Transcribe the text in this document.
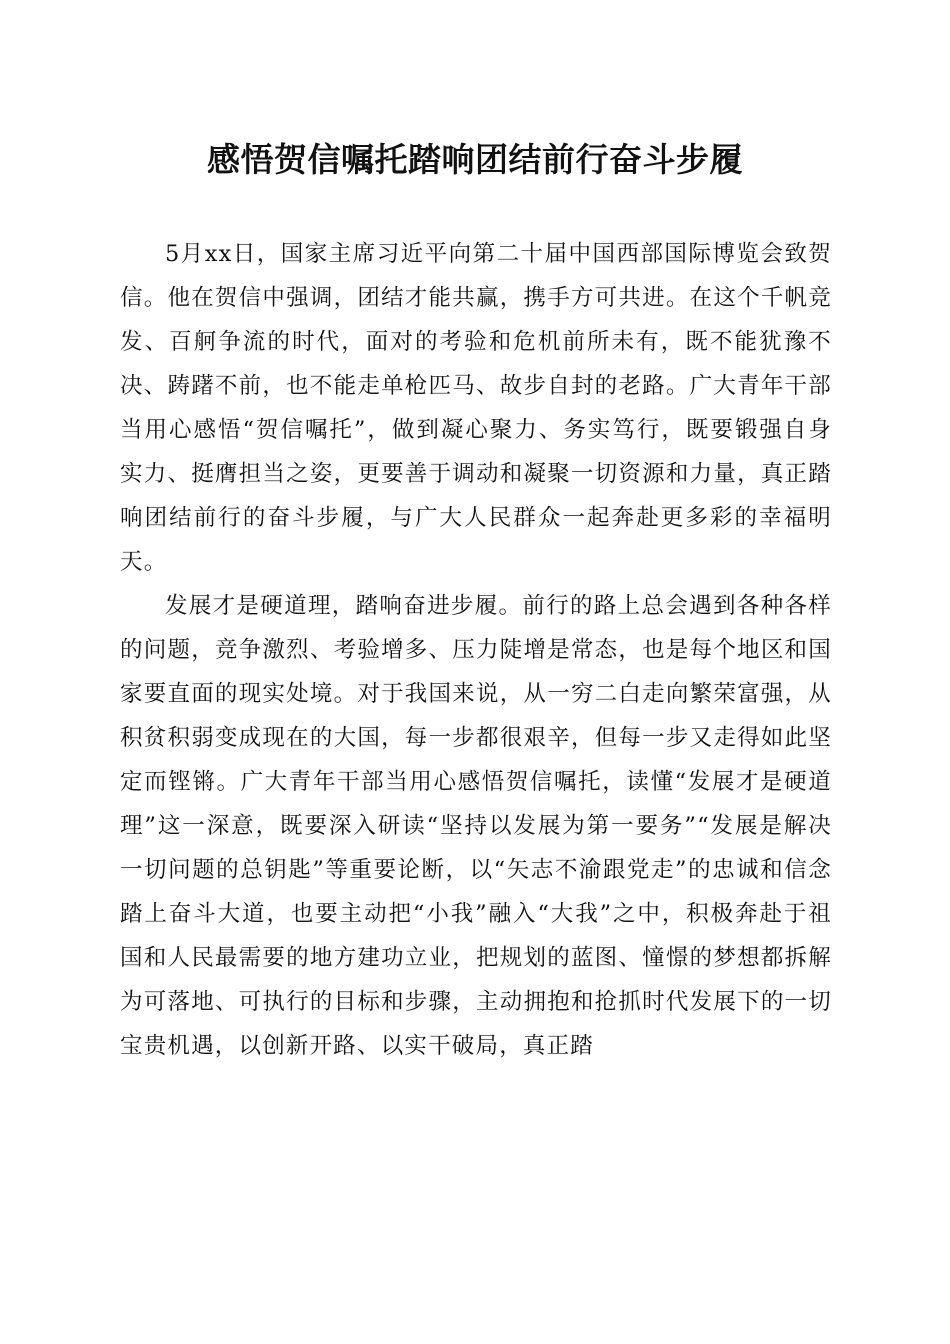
感悟贺信嘱托踏响团结前行奋斗步履

5月xx日，国家主席习近平向第二十届中国西部国际博览会致贺信。他在贺信中强调，团结才能共赢，携手方可共进。在这个千帆竞发、百舸争流的时代，面对的考验和危机前所未有，既不能犹豫不决、踌躇不前，也不能走单枪匹马、故步自封的老路。广大青年干部当用心感悟“贺信嘱托”，做到凝心聚力、务实笃行，既要锻强自身实力、挺膺担当之姿，更要善于调动和凝聚一切资源和力量，真正踏响团结前行的奋斗步履，与广大人民群众一起奔赴更多彩的幸福明天。

发展才是硬道理，踏响奋进步履。前行的路上总会遇到各种各样的问题，竞争激烈、考验增多、压力陡增是常态，也是每个地区和国家要直面的现实处境。对于我国来说，从一穷二白走向繁荣富强，从积贫积弱变成现在的大国，每一步都很艰辛，但每一步又走得如此坚定而铿锵。广大青年干部当用心感悟贺信嘱托，读懂“发展才是硬道理”这一深意，既要深入研读“坚持以发展为第一要务”“发展是解决一切问题的总钥匙”等重要论断，以“矢志不渝跟党走”的忠诚和信念踏上奋斗大道，也要主动把“小我”融入“大我”之中，积极奔赴于祖国和人民最需要的地方建功立业，把规划的蓝图、憧憬的梦想都拆解为可落地、可执行的目标和步骤，主动拥抱和抢抓时代发展下的一切宝贵机遇，以创新开路、以实干破局，真正踏
